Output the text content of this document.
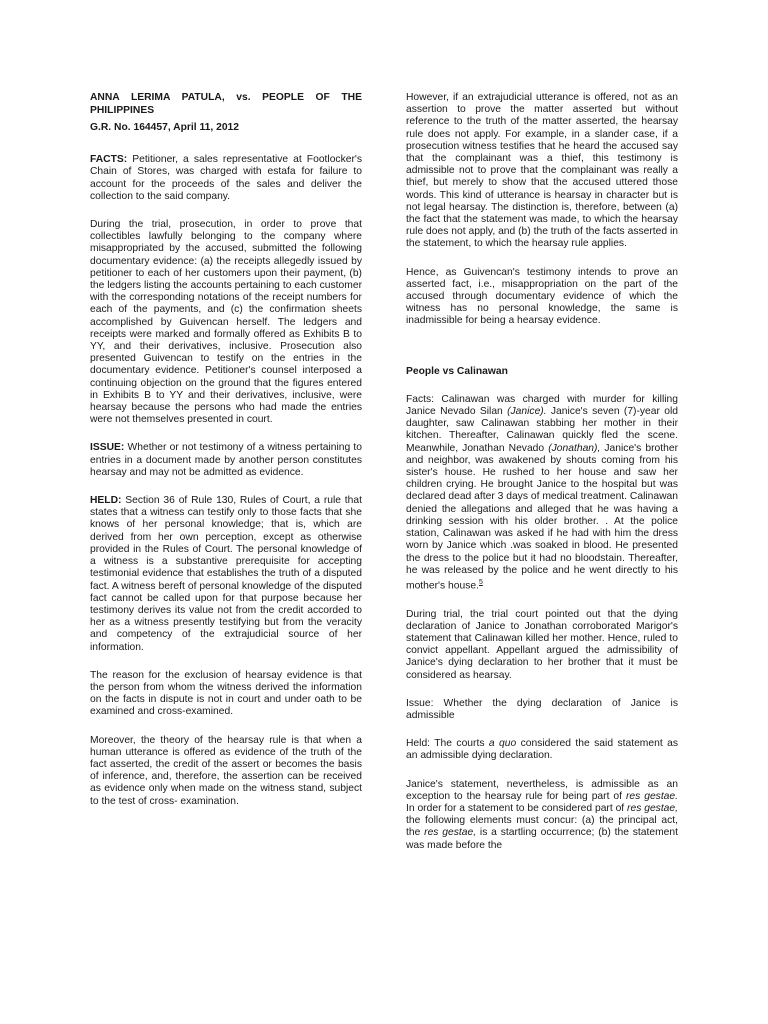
ANNA LERIMA PATULA, vs. PEOPLE OF THE PHILIPPINES

G.R. No. 164457, April 11, 2012

FACTS: Petitioner, a sales representative at Footlocker's Chain of Stores, was charged with estafa for failure to account for the proceeds of the sales and deliver the collection to the said company.

During the trial, prosecution, in order to prove that collectibles lawfully belonging to the company where misappropriated by the accused, submitted the following documentary evidence: (a) the receipts allegedly issued by petitioner to each of her customers upon their payment, (b) the ledgers listing the accounts pertaining to each customer with the corresponding notations of the receipt numbers for each of the payments, and (c) the confirmation sheets accomplished by Guivencan herself. The ledgers and receipts were marked and formally offered as Exhibits B to YY, and their derivatives, inclusive. Prosecution also presented Guivencan to testify on the entries in the documentary evidence. Petitioner's counsel interposed a continuing objection on the ground that the figures entered in Exhibits B to YY and their derivatives, inclusive, were hearsay because the persons who had made the entries were not themselves presented in court.

ISSUE: Whether or not testimony of a witness pertaining to entries in a document made by another person constitutes hearsay and may not be admitted as evidence.

HELD: Section 36 of Rule 130, Rules of Court, a rule that states that a witness can testify only to those facts that she knows of her personal knowledge; that is, which are derived from her own perception, except as otherwise provided in the Rules of Court. The personal knowledge of a witness is a substantive prerequisite for accepting testimonial evidence that establishes the truth of a disputed fact. A witness bereft of personal knowledge of the disputed fact cannot be called upon for that purpose because her testimony derives its value not from the credit accorded to her as a witness presently testifying but from the veracity and competency of the extrajudicial source of her information.

The reason for the exclusion of hearsay evidence is that the person from whom the witness derived the information on the facts in dispute is not in court and under oath to be examined and cross-examined.

Moreover, the theory of the hearsay rule is that when a human utterance is offered as evidence of the truth of the fact asserted, the credit of the assert or becomes the basis of inference, and, therefore, the assertion can be received as evidence only when made on the witness stand, subject to the test of cross- examination.

However, if an extrajudicial utterance is offered, not as an assertion to prove the matter asserted but without reference to the truth of the matter asserted, the hearsay rule does not apply. For example, in a slander case, if a prosecution witness testifies that he heard the accused say that the complainant was a thief, this testimony is admissible not to prove that the complainant was really a thief, but merely to show that the accused uttered those words. This kind of utterance is hearsay in character but is not legal hearsay. The distinction is, therefore, between (a) the fact that the statement was made, to which the hearsay rule does not apply, and (b) the truth of the facts asserted in the statement, to which the hearsay rule applies.

Hence, as Guivencan's testimony intends to prove an asserted fact, i.e., misappropriation on the part of the accused through documentary evidence of which the witness has no personal knowledge, the same is inadmissible for being a hearsay evidence.

People vs Calinawan

Facts: Calinawan was charged with murder for killing Janice Nevado Silan (Janice). Janice's seven (7)-year old daughter, saw Calinawan stabbing her mother in their kitchen. Thereafter, Calinawan quickly fled the scene. Meanwhile, Jonathan Nevado (Jonathan), Janice's brother and neighbor, was awakened by shouts coming from his sister's house. He rushed to her house and saw her children crying. He brought Janice to the hospital but was declared dead after 3 days of medical treatment. Calinawan denied the allegations and alleged that he was having a drinking session with his older brother. . At the police station, Calinawan was asked if he had with him the dress worn by Janice which .was soaked in blood. He presented the dress to the police but it had no bloodstain. Thereafter, he was released by the police and he went directly to his mother's house.$^5$

During trial, the trial court pointed out that the dying declaration of Janice to Jonathan corroborated Marigor's statement that Calinawan killed her mother. Hence, ruled to convict appellant. Appellant argued the admissibility of Janice's dying declaration to her brother that it must be considered as hearsay.

Issue: Whether the dying declaration of Janice is admissible

Held: The courts a quo considered the said statement as an admissible dying declaration.

Janice's statement, nevertheless, is admissible as an exception to the hearsay rule for being part of res gestae. In order for a statement to be considered part of res gestae, the following elements must concur: (a) the principal act, the res gestae, is a startling occurrence; (b) the statement was made before the
